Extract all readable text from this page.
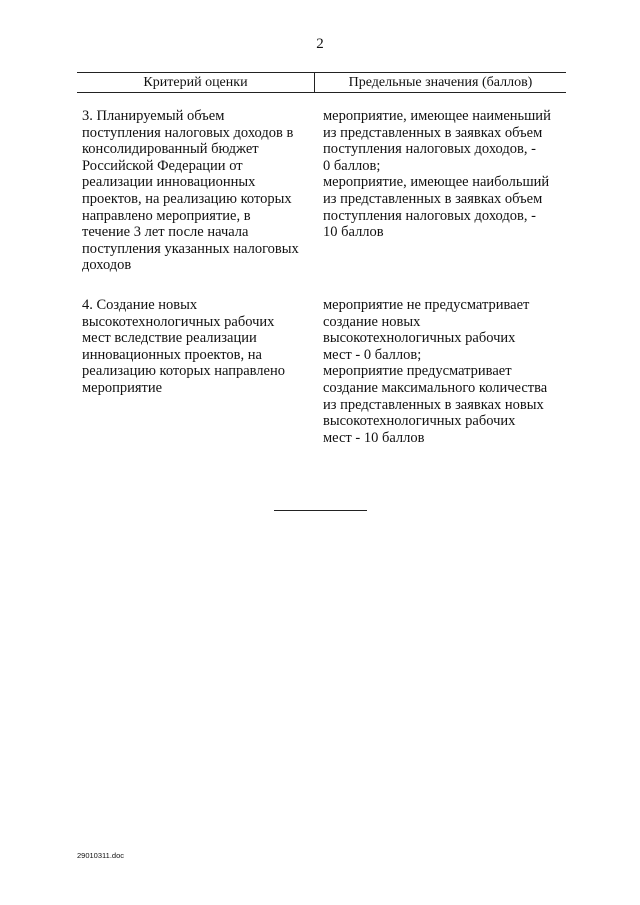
2
Критерий оценки	Предельные значения (баллов)
3. Планируемый объем
поступления налоговых доходов в
консолидированный бюджет
Российской Федерации от
реализации инновационных
проектов, на реализацию которых
направлено мероприятие, в
течение 3 лет после начала
поступления указанных налоговых
доходов
мероприятие, имеющее наименьший
из представленных в заявках объем
поступления налоговых доходов, -
0 баллов;
мероприятие, имеющее наибольший
из представленных в заявках объем
поступления налоговых доходов, -
10 баллов
4. Создание новых
высокотехнологичных рабочих
мест вследствие реализации
инновационных проектов, на
реализацию которых направлено
мероприятие
мероприятие не предусматривает
создание новых
высокотехнологичных рабочих
мест - 0 баллов;
мероприятие предусматривает
создание максимального количества
из представленных в заявках новых
высокотехнологичных рабочих
мест - 10 баллов
29010311.doc
